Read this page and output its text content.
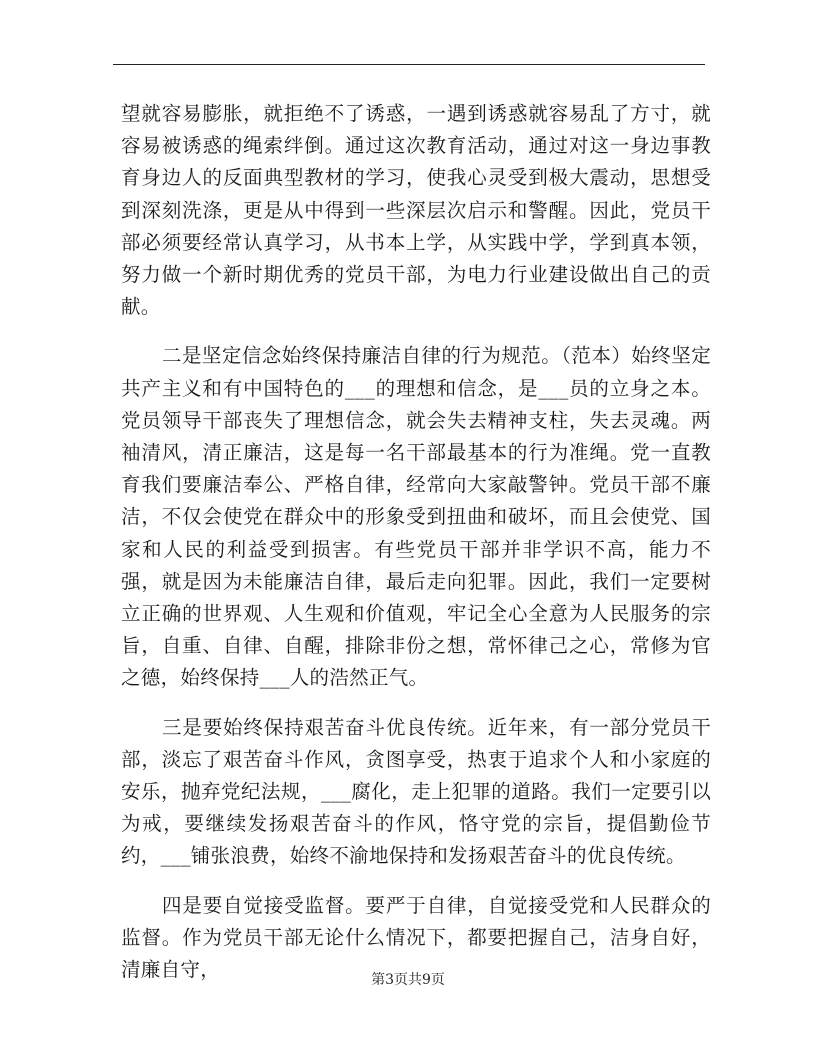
望就容易膨胀，就拒绝不了诱惑，一遇到诱惑就容易乱了方寸，就容易被诱惑的绳索绊倒。通过这次教育活动，通过对这一身边事教育身边人的反面典型教材的学习，使我心灵受到极大震动，思想受到深刻洗涤，更是从中得到一些深层次启示和警醒。因此，党员干部必须要经常认真学习，从书本上学，从实践中学，学到真本领，努力做一个新时期优秀的党员干部，为电力行业建设做出自己的贡献。

二是坚定信念始终保持廉洁自律的行为规范。（范本）始终坚定共产主义和有中国特色的___的理想和信念，是___员的立身之本。党员领导干部丧失了理想信念，就会失去精神支柱，失去灵魂。两袖清风，清正廉洁，这是每一名干部最基本的行为准绳。党一直教育我们要廉洁奉公、严格自律，经常向大家敲警钟。党员干部不廉洁，不仅会使党在群众中的形象受到扭曲和破坏，而且会使党、国家和人民的利益受到损害。有些党员干部并非学识不高，能力不强，就是因为未能廉洁自律，最后走向犯罪。因此，我们一定要树立正确的世界观、人生观和价值观，牢记全心全意为人民服务的宗旨，自重、自律、自醒，排除非份之想，常怀律己之心，常修为官之德，始终保持___人的浩然正气。

三是要始终保持艰苦奋斗优良传统。近年来，有一部分党员干部，淡忘了艰苦奋斗作风，贪图享受，热衷于追求个人和小家庭的安乐，抛弃党纪法规，___腐化，走上犯罪的道路。我们一定要引以为戒，要继续发扬艰苦奋斗的作风，恪守党的宗旨，提倡勤俭节约，___铺张浪费，始终不渝地保持和发扬艰苦奋斗的优良传统。

四是要自觉接受监督。要严于自律，自觉接受党和人民群众的监督。作为党员干部无论什么情况下，都要把握自己，洁身自好，清廉自守，	第3页共9页
